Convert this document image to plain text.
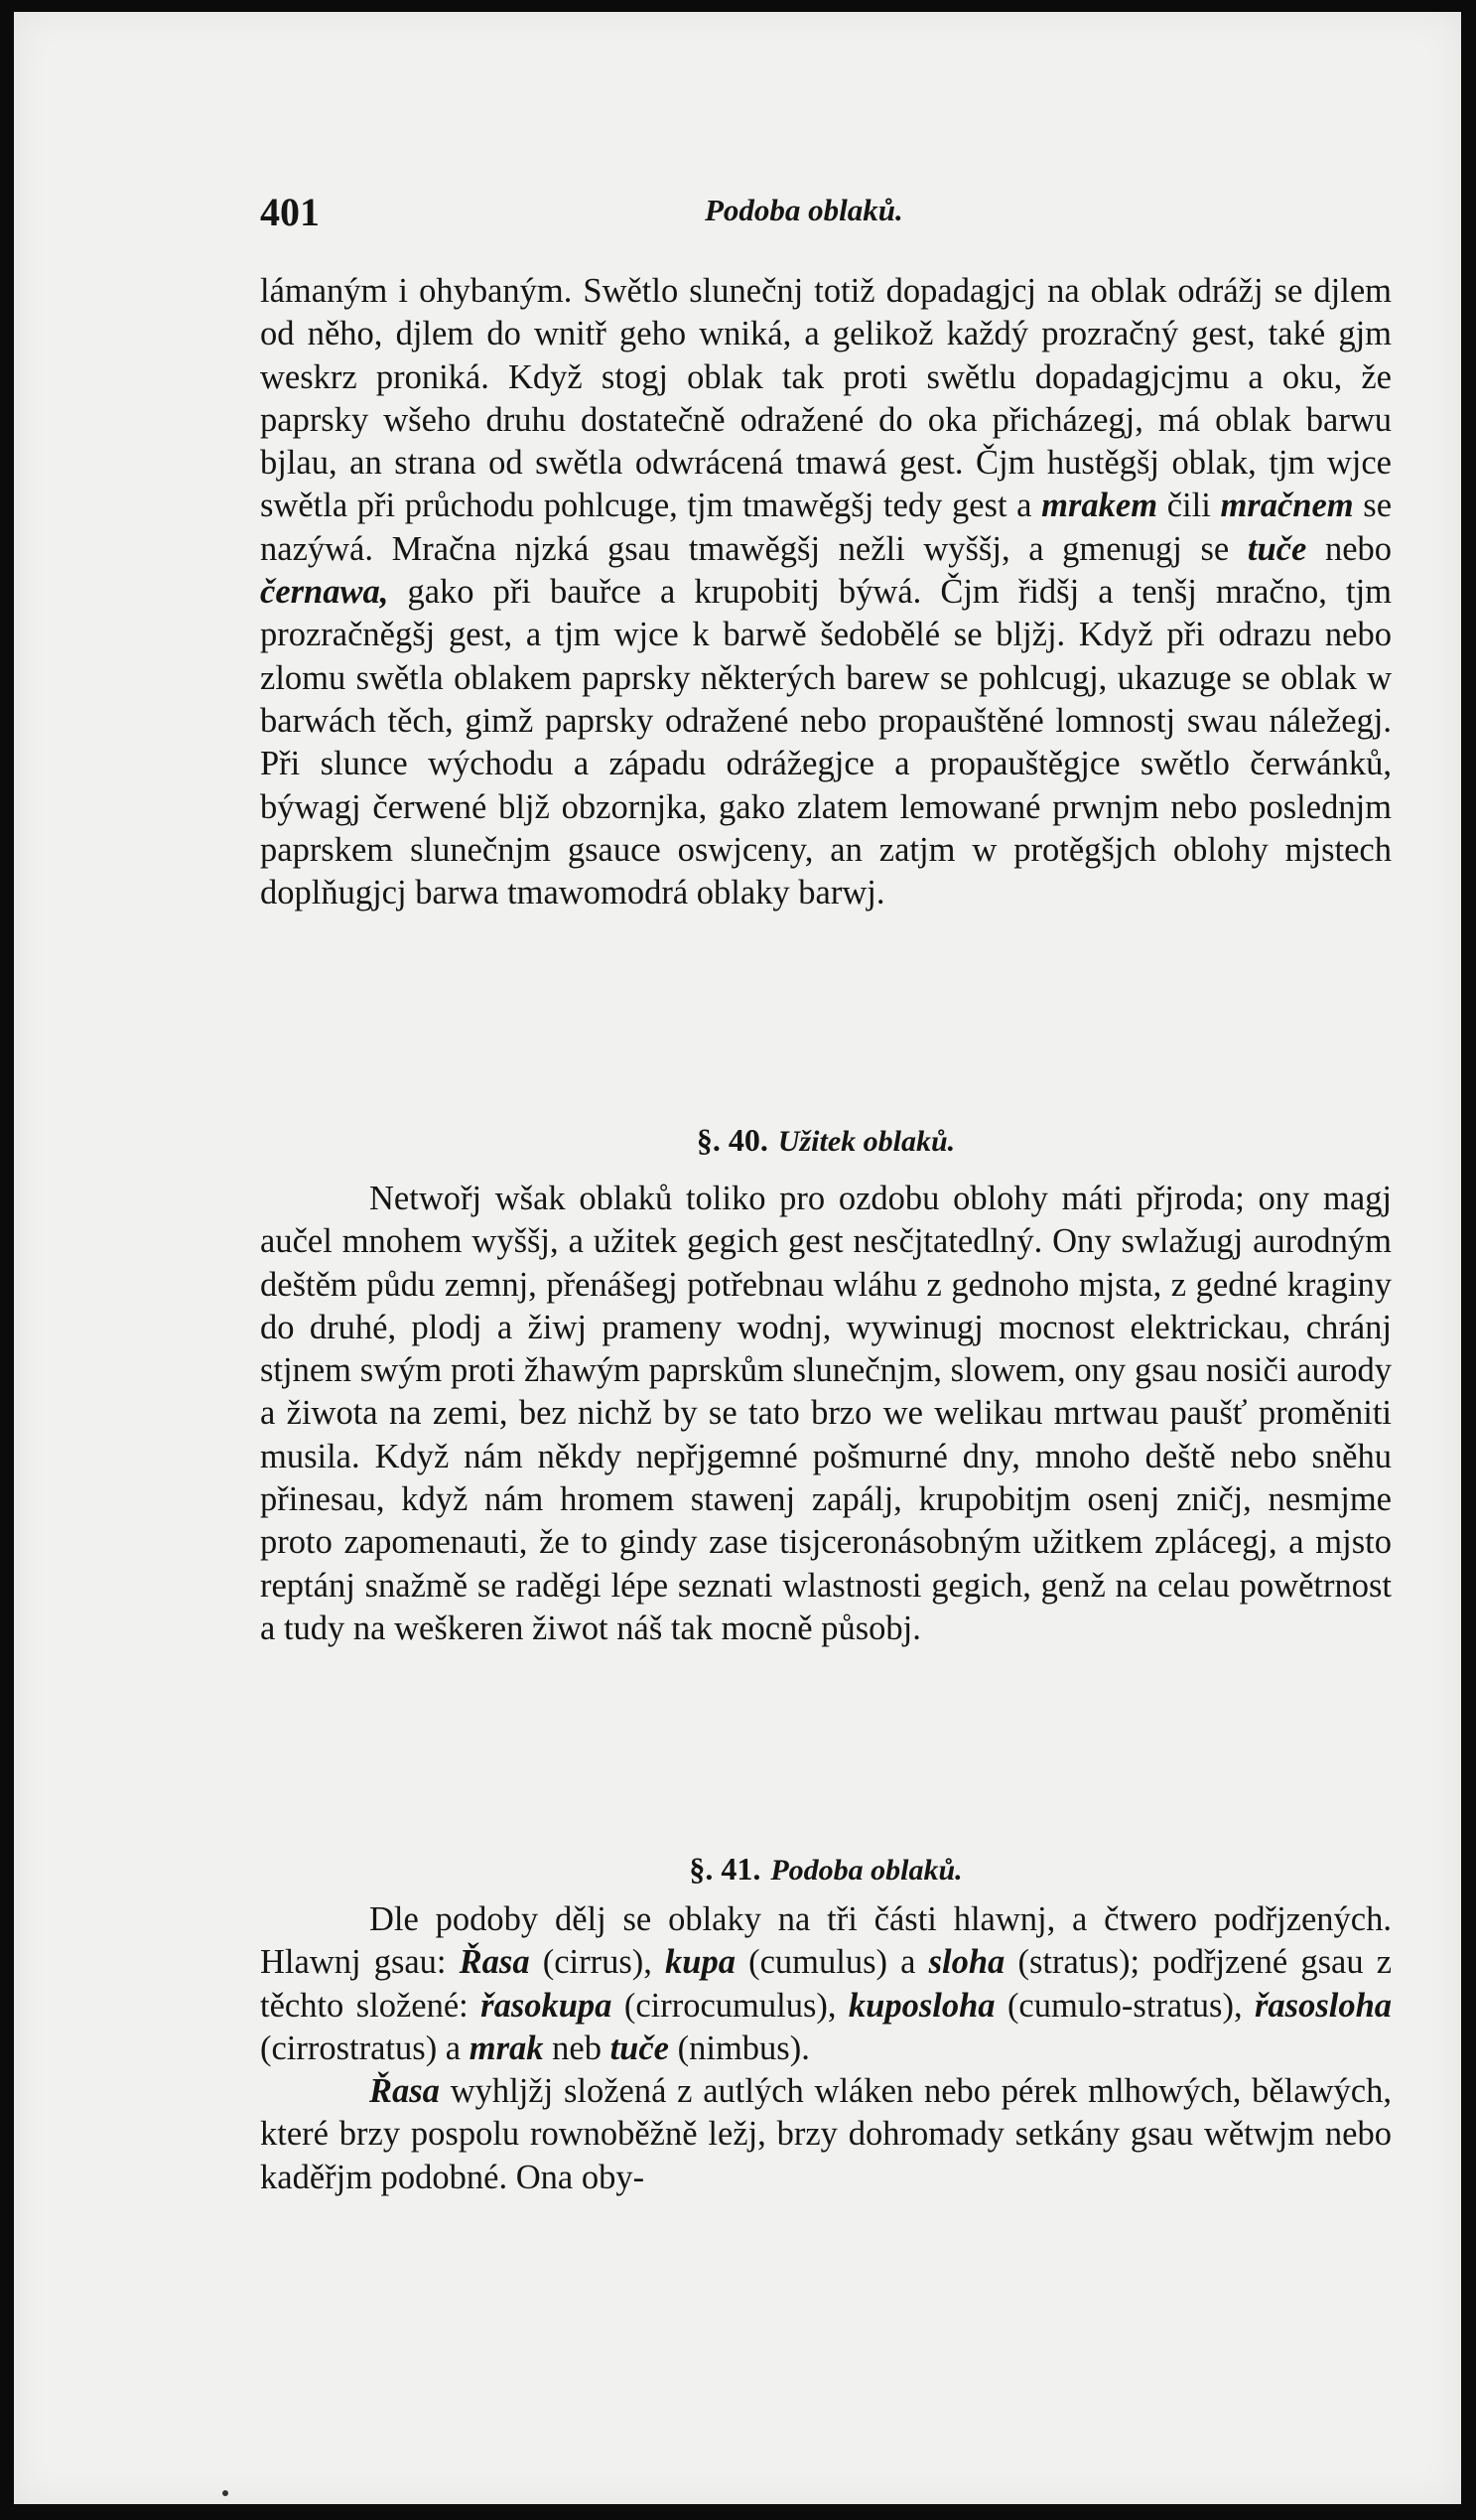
401	Podoba oblaků.

lámaným i ohybaným. Swětlo slunečnj totiž dopadagjcj na oblak odrážj se djlem od něho, djlem do wnitř geho wniká, a gelikož každý prozračný gest, také gjm weskrz proniká. Když stogj oblak tak proti swětlu dopadagjcjmu a oku, že paprsky wšeho druhu dostatečně odražené do oka přicházegj, má oblak barwu bjlau, an strana od swětla odwrácená tmawá gest. Čjm hustěgšj oblak, tjm wjce swětla při průchodu pohlcuge, tjm tmawěgšj tedy gest a mrakem čili mračnem se nazýwá. Mračna njzká gsau tmawěgšj nežli wyššj, a gmenugj se tuče nebo černawa, gako při bauřce a krupobitj býwá. Čjm řidšj a tenšj mračno, tjm prozračněgšj gest, a tjm wjce k barwě šedobělé se bljžj. Když při odrazu nebo zlomu swětla oblakem paprsky některých barew se pohlcugj, ukazuge se oblak w barwách těch, gimž paprsky odražené nebo propauštěné lomnostj swau náležegj. Při slunce wýchodu a západu odrážegjce a propauštěgjce swětlo čerwánků, býwagj čerwené bljž obzornjka, gako zlatem lemowané prwnjm nebo poslednjm paprskem slunečnjm gsauce oswjceny, an zatjm w protěgšjch oblohy mjstech doplňugjcj barwa tmawomodrá oblaky barwj.

§. 40. Užitek oblaků.

Netwořj wšak oblaků toliko pro ozdobu oblohy máti přjroda; ony magj aučel mnohem wyššj, a užitek gegich gest nesčjtatedlný. Ony swlažugj aurodným deštěm půdu zemnj, přenášegj potřebnau wláhu z gednoho mjsta, z gedné kraginy do druhé, plodj a žiwj prameny wodnj, wywinugj mocnost elektrickau, chránj stjnem swým proti žhawým paprskům slunečnjm, slowem, ony gsau nosiči aurody a žiwota na zemi, bez nichž by se tato brzo we welikau mrtwau paušť proměniti musila. Když nám někdy nepřjgemné pošmurné dny, mnoho deště nebo sněhu přinesau, když nám hromem stawenj zapálj, krupobitjm osenj zničj, nesmjme proto zapomenauti, že to gindy zase tisjceronásobným užitkem zplácegj, a mjsto reptánj snažmě se raděgi lépe seznati wlastnosti gegich, genž na celau powětrnost a tudy na weškeren žiwot náš tak mocně působj.

§. 41. Podoba oblaků.

Dle podoby dělj se oblaky na tři části hlawnj, a čtwero podřjzených. Hlawnj gsau: Řasa (cirrus), kupa (cumulus) a sloha (stratus); podřjzené gsau z těchto složené: řasokupa (cirrocumulus), kuposloha (cumulo-stratus), řasosloha (cirrostratus) a mrak neb tuče (nimbus).

Řasa wyhljžj složená z autlých wláken nebo pérek mlhowých, bělawých, které brzy pospolu rownoběžně ležj, brzy dohromady setkány gsau wětwjm nebo kaděřjm podobné. Ona oby-
